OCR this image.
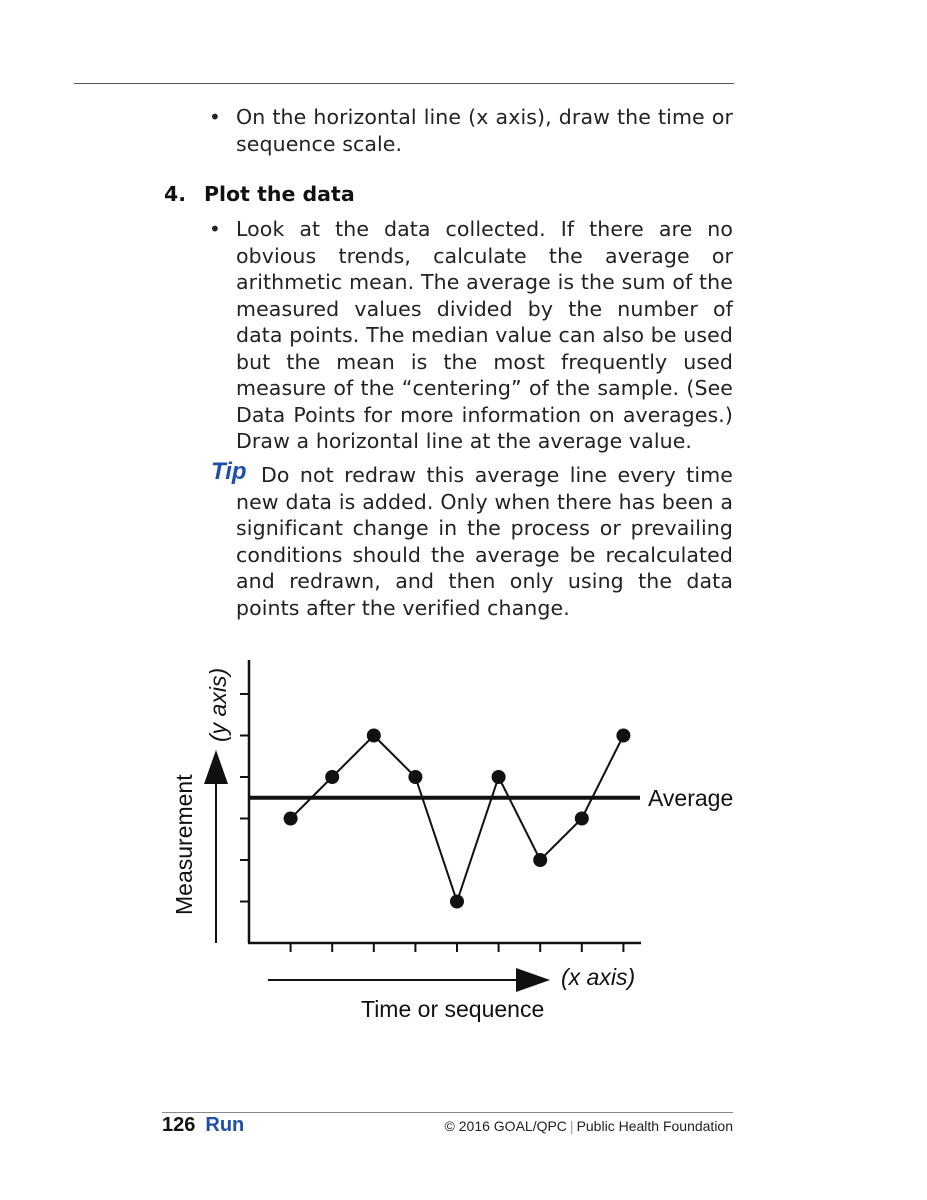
• On the horizontal line (x axis), draw the time or sequence scale.
4. Plot the data
• Look at the data collected. If there are no obvious trends, calculate the average or arithmetic mean. The average is the sum of the measured values divided by the number of data points. The median value can also be used but the mean is the most frequently used measure of the “centering” of the sample. (See Data Points for more information on averages.) Draw a horizontal line at the average value.
Tip Do not redraw this average line every time new data is added. Only when there has been a significant change in the process or prevailing conditions should the average be recalculated and redrawn, and then only using the data points after the verified change.
Measurement
(y axis)
Time or sequence
(x axis)
Average
126 Run	© 2016 GOAL/QPC | Public Health Foundation
